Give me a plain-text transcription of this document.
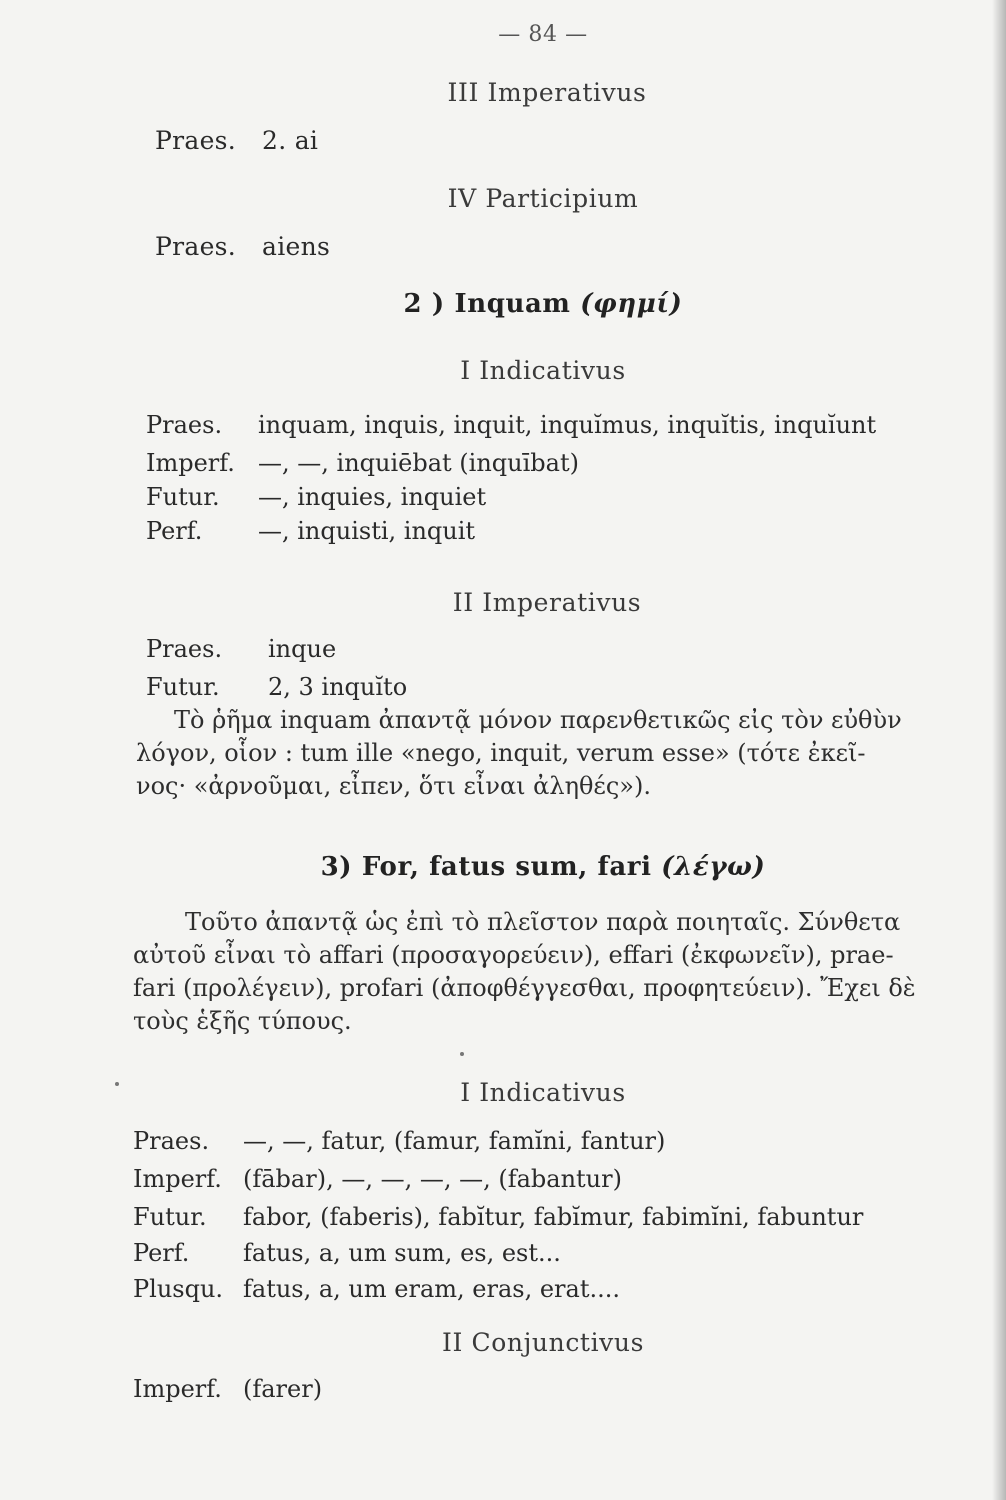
— 84 —
III Imperativus
Praes. 2. ai
IV Participium
Praes. aiens
2 ) Inquam (φημί)
I Indicativus
Praes. inquam, inquis, inquit, inquĭmus, inquĭtis, inquĭunt
Imperf. —, —, inquiēbat (inquībat)
Futur. —, inquies, inquiet
Perf. —, inquisti, inquit
II Imperativus
Praes. inque
Futur. 2, 3 inquĭto
Τὸ ῥῆμα inquam ἀπαντᾷ μόνον παρενθετικῶς εἰς τὸν εὐθὺν
λόγον, οἷον : tum ille «nego, inquit, verum esse» (τότε ἐκεῖ-
νος· «ἀρνοῦμαι, εἶπεν, ὅτι εἶναι ἀληθές»).
3) For, fatus sum, fari (λέγω)
Τοῦτο ἀπαντᾷ ὡς ἐπὶ τὸ πλεῖστον παρὰ ποιηταῖς. Σύνθετα
αὐτοῦ εἶναι τὸ affari (προσαγορεύειν), effari (ἐκφωνεῖν), prae-
fari (προλέγειν), profari (ἀποφθέγγεσθαι, προφητεύειν). Ἔχει δὲ
τοὺς ἑξῆς τύπους.
I Indicativus
Praes. —, —, fatur, (famur, famĭni, fantur)
Imperf. (fābar), —, —, —, —, (fabantur)
Futur. fabor, (faberis), fabĭtur, fabĭmur, fabimĭni, fabuntur
Perf. fatus, a, um sum, es, est...
Plusqu. fatus, a, um eram, eras, erat....
II Conjunctivus
Imperf. (farer)
